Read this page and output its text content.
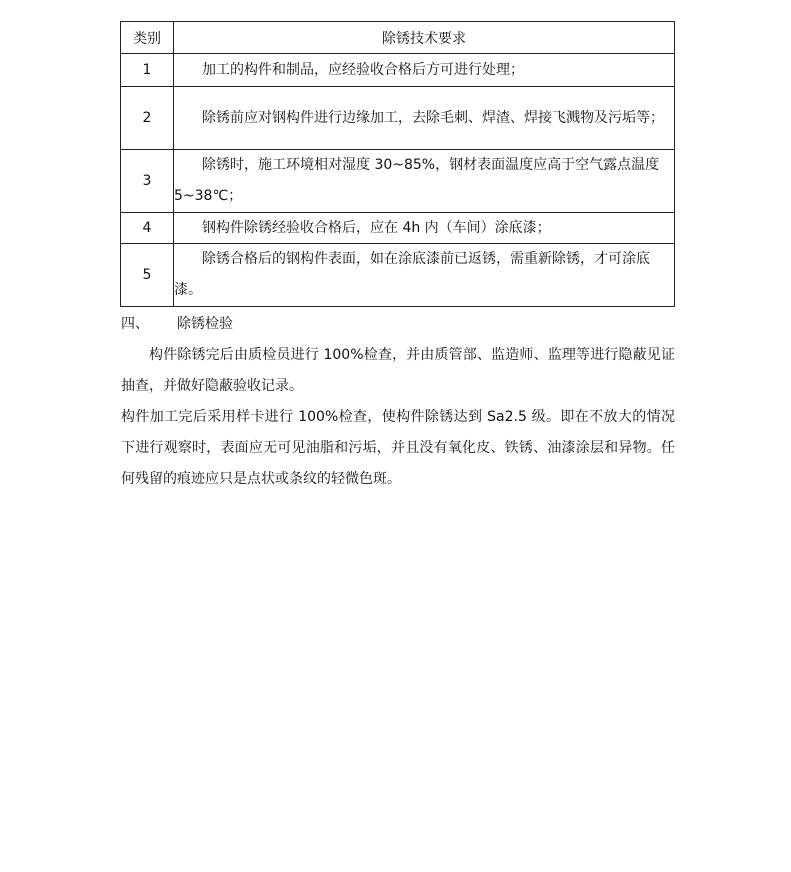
类别	除锈技术要求
1	加工的构件和制品，应经验收合格后方可进行处理；
2	除锈前应对钢构件进行边缘加工，去除毛刺、焊渣、焊接飞溅物及污垢等；
3	除锈时，施工环境相对湿度 30~85%，钢材表面温度应高于空气露点温度 5~38℃；
4	钢构件除锈经验收合格后，应在 4h 内（车间）涂底漆；
5	除锈合格后的钢构件表面，如在涂底漆前已返锈，需重新除锈，才可涂底漆。
四、 除锈检验

构件除锈完后由质检员进行 100%检查，并由质管部、监造师、监理等进行隐蔽见证抽查，并做好隐蔽验收记录。

构件加工完后采用样卡进行 100%检查，使构件除锈达到 Sa2.5 级。即在不放大的情况下进行观察时，表面应无可见油脂和污垢，并且没有氧化皮、铁锈、油漆涂层和异物。任何残留的痕迹应只是点状或条纹的轻微色斑。
